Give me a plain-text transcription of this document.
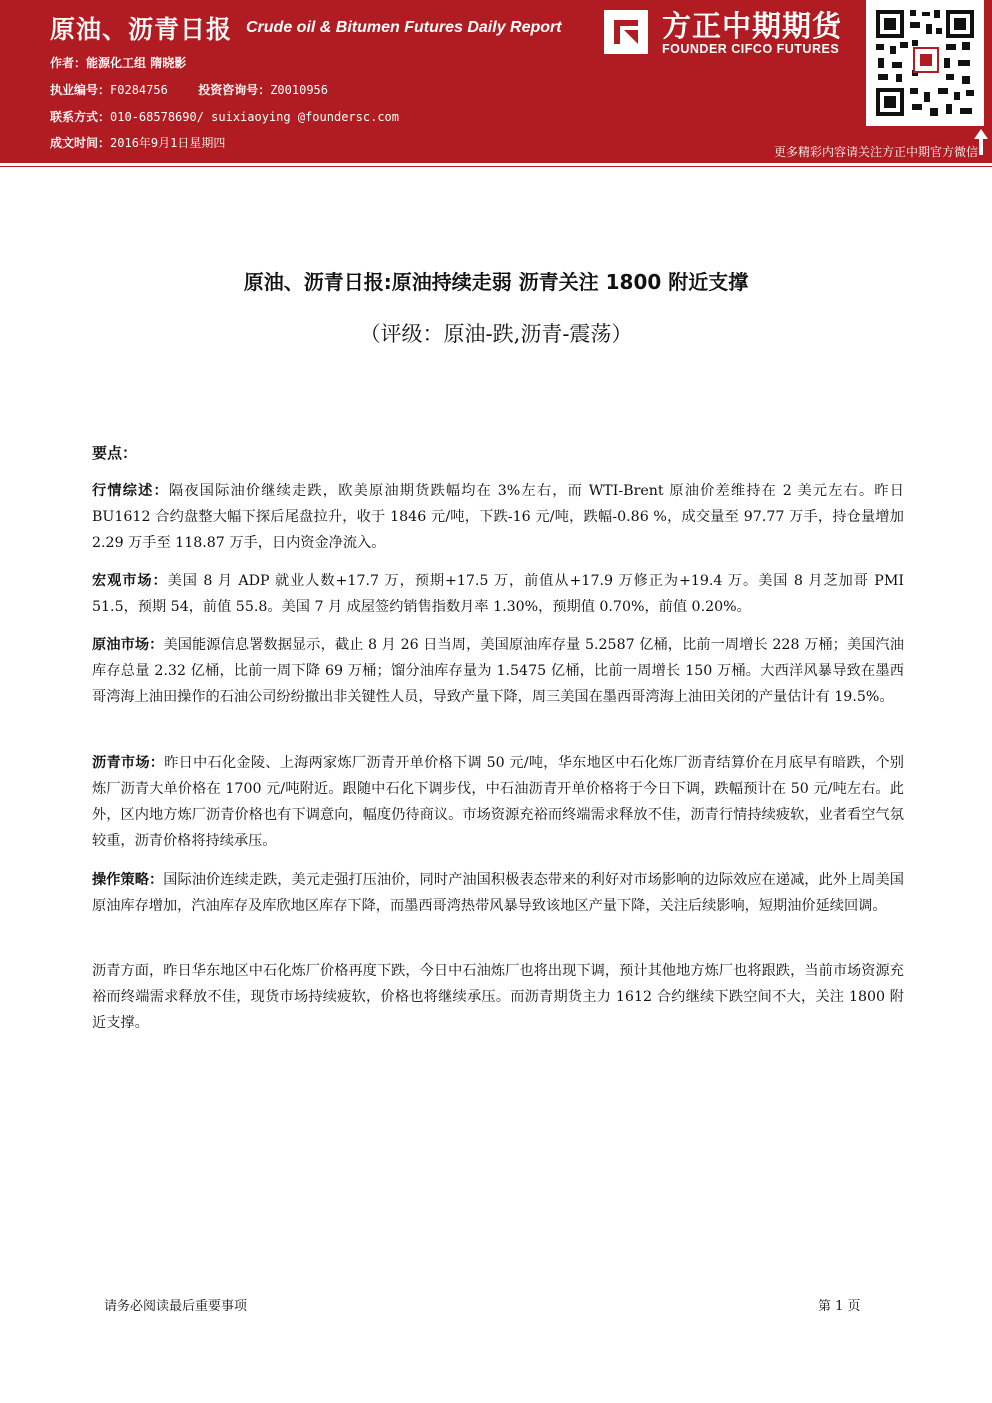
原油、沥青日报 Crude oil & Bitumen Futures Daily Report
作者：能源化工组 隋晓影
执业编号：F0284756	投资咨询号：Z0010956
联系方式：010-68578690/ suixiaoying @foundersc.com
成文时间：2016年9月1日星期四
方正中期期货
FOUNDER CIFCO FUTURES
更多精彩内容请关注方正中期官方微信
原油、沥青日报:原油持续走弱 沥青关注 1800 附近支撑
（评级：原油-跌,沥青-震荡）
要点：
行情综述：隔夜国际油价继续走跌，欧美原油期货跌幅均在 3%左右，而 WTI-Brent 原油价差维持在 2 美元左右。昨日 BU1612 合约盘整大幅下探后尾盘拉升，收于 1846 元/吨，下跌-16 元/吨，跌幅-0.86 %，成交量至 97.77 万手，持仓量增加 2.29 万手至 118.87 万手，日内资金净流入。
宏观市场：美国 8 月 ADP 就业人数+17.7 万，预期+17.5 万，前值从+17.9 万修正为+19.4 万。美国 8 月芝加哥 PMI 51.5，预期 54，前值 55.8。美国 7 月 成屋签约销售指数月率 1.30%，预期值 0.70%，前值 0.20%。
原油市场：美国能源信息署数据显示，截止 8 月 26 日当周，美国原油库存量 5.2587 亿桶，比前一周增长 228 万桶；美国汽油库存总量 2.32 亿桶，比前一周下降 69 万桶；馏分油库存量为 1.5475 亿桶，比前一周增长 150 万桶。大西洋风暴导致在墨西哥湾海上油田操作的石油公司纷纷撤出非关键性人员，导致产量下降，周三美国在墨西哥湾海上油田关闭的产量估计有 19.5%。
沥青市场：昨日中石化金陵、上海两家炼厂沥青开单价格下调 50 元/吨，华东地区中石化炼厂沥青结算价在月底早有暗跌，个别炼厂沥青大单价格在 1700 元/吨附近。跟随中石化下调步伐，中石油沥青开单价格将于今日下调，跌幅预计在 50 元/吨左右。此外，区内地方炼厂沥青价格也有下调意向，幅度仍待商议。市场资源充裕而终端需求释放不佳，沥青行情持续疲软，业者看空气氛较重，沥青价格将持续承压。
操作策略：国际油价连续走跌，美元走强打压油价，同时产油国积极表态带来的利好对市场影响的边际效应在递减，此外上周美国原油库存增加，汽油库存及库欣地区库存下降，而墨西哥湾热带风暴导致该地区产量下降，关注后续影响，短期油价延续回调。
沥青方面，昨日华东地区中石化炼厂价格再度下跌，今日中石油炼厂也将出现下调，预计其他地方炼厂也将跟跌，当前市场资源充裕而终端需求释放不佳，现货市场持续疲软，价格也将继续承压。而沥青期货主力 1612 合约继续下跌空间不大，关注 1800 附近支撑。
请务必阅读最后重要事项	第 1 页
